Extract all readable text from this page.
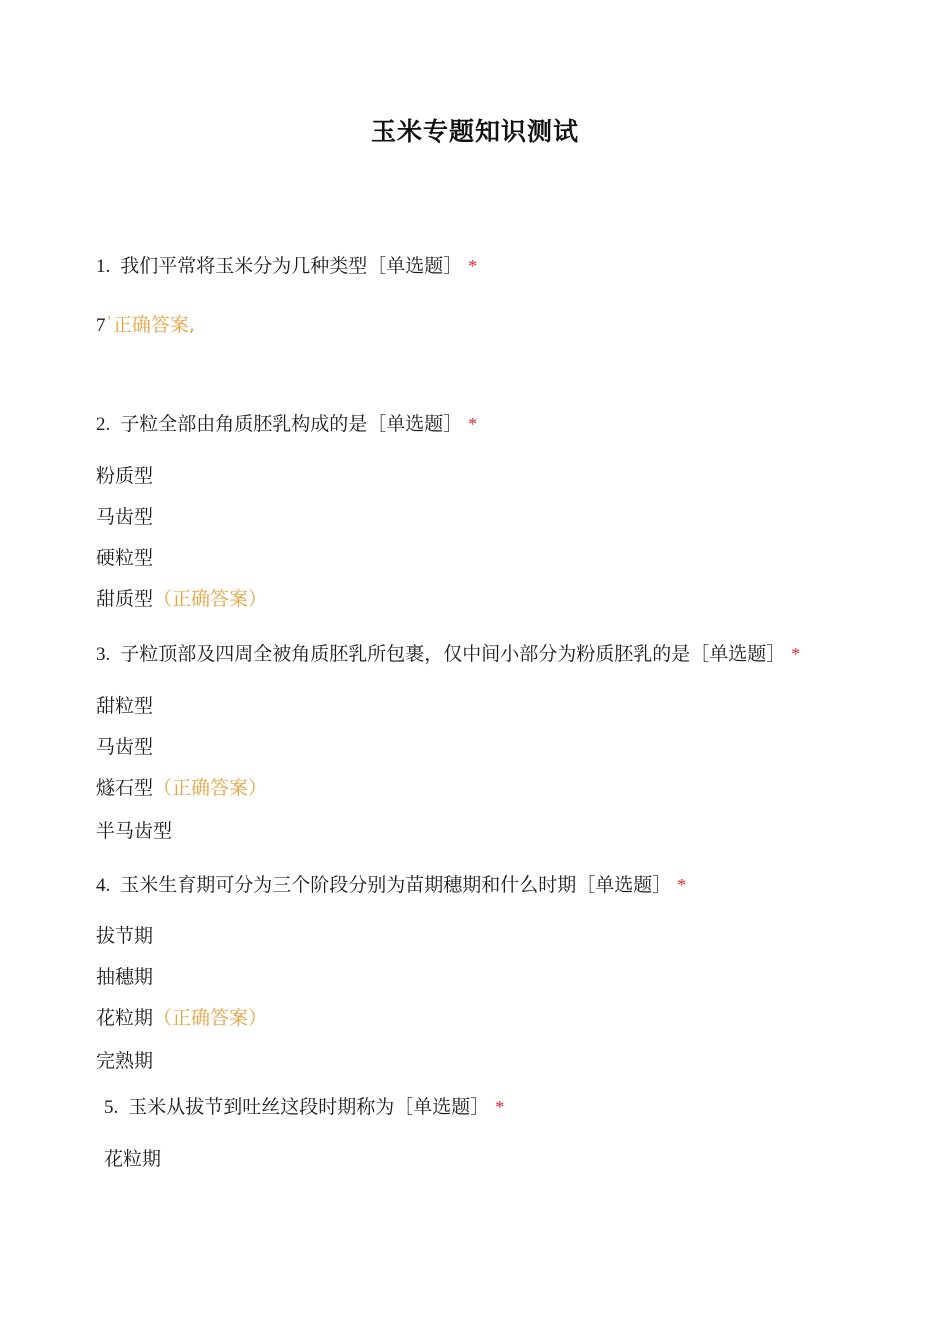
玉米专题知识测试
1. 我们平常将玉米分为几种类型［单选题］ *
7 ' 正确答案,
2. 子粒全部由角质胚乳构成的是［单选题］ *
粉质型
马齿型
硬粒型
甜质型（正确答案）
3. 子粒顶部及四周全被角质胚乳所包裹，仅中间小部分为粉质胚乳的是［单选题］ *
甜粒型
马齿型
燧石型（正确答案）
半马齿型
4. 玉米生育期可分为三个阶段分别为苗期穗期和什么时期［单选题］ *
拔节期
抽穗期
花粒期（正确答案）
完熟期
5. 玉米从拔节到吐丝这段时期称为［单选题］ *
花粒期
